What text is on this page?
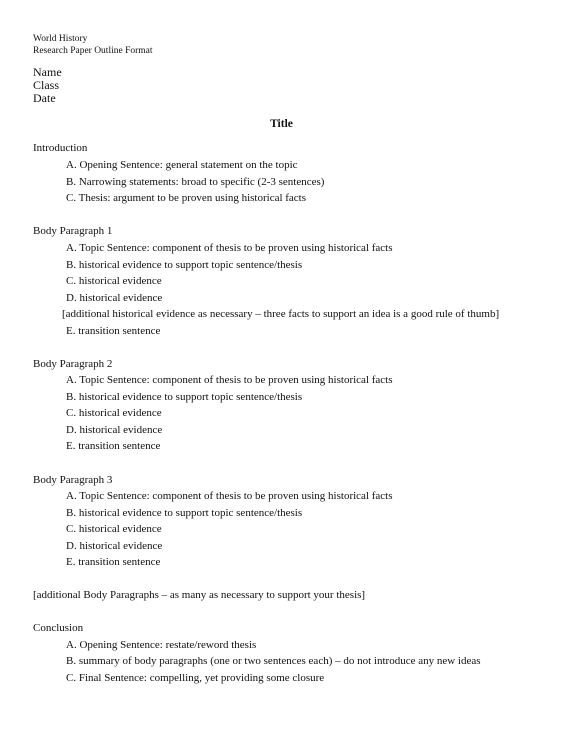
World History
Research Paper Outline Format
Name
Class
Date
Title
Introduction
A. Opening Sentence: general statement on the topic
B. Narrowing statements: broad to specific (2-3 sentences)
C. Thesis: argument to be proven using historical facts
Body Paragraph 1
A. Topic Sentence: component of thesis to be proven using historical facts
B. historical evidence to support topic sentence/thesis
C. historical evidence
D. historical evidence
[additional historical evidence as necessary – three facts to support an idea is a good rule of thumb]
E. transition sentence
Body Paragraph 2
A. Topic Sentence: component of thesis to be proven using historical facts
B. historical evidence to support topic sentence/thesis
C. historical evidence
D. historical evidence
E. transition sentence
Body Paragraph 3
A. Topic Sentence: component of thesis to be proven using historical facts
B. historical evidence to support topic sentence/thesis
C. historical evidence
D. historical evidence
E. transition sentence
[additional Body Paragraphs – as many as necessary to support your thesis]
Conclusion
A. Opening Sentence: restate/reword thesis
B. summary of body paragraphs (one or two sentences each) – do not introduce any new ideas
C. Final Sentence: compelling, yet providing some closure
